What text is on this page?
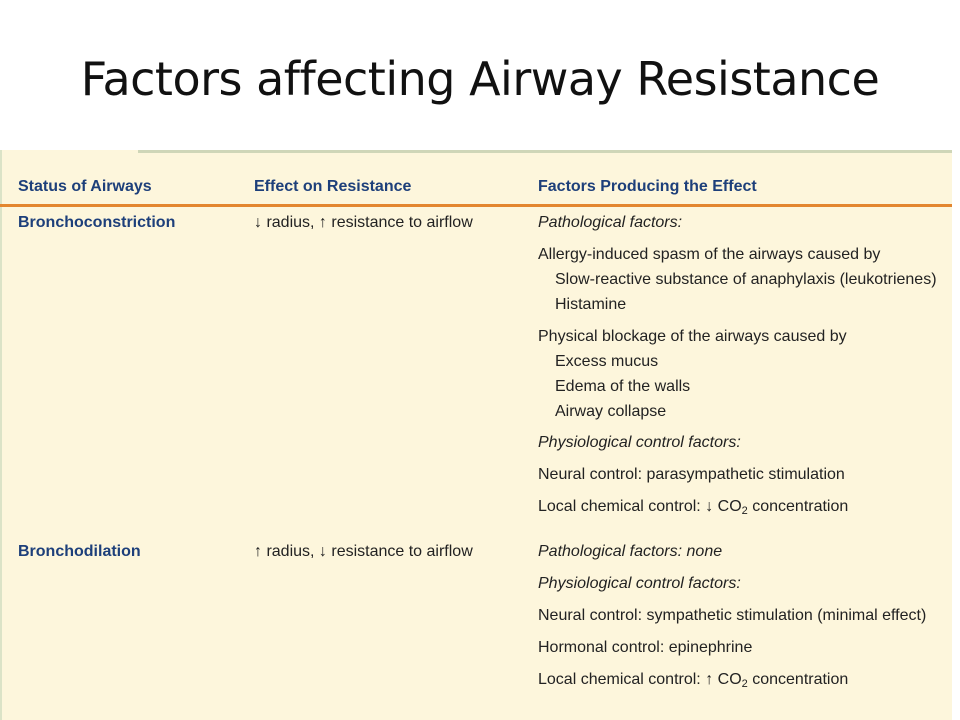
Factors affecting Airway Resistance
Status of Airways	Effect on Resistance	Factors Producing the Effect
Bronchoconstriction	↓ radius, ↑ resistance to airflow	Pathological factors:
Allergy-induced spasm of the airways caused by
Slow-reactive substance of anaphylaxis (leukotrienes)
Histamine
Physical blockage of the airways caused by
Excess mucus
Edema of the walls
Airway collapse
Physiological control factors:
Neural control: parasympathetic stimulation
Local chemical control: ↓ $CO_2$ concentration
Bronchodilation	↑ radius, ↓ resistance to airflow	Pathological factors: none
Physiological control factors:
Neural control: sympathetic stimulation (minimal effect)
Hormonal control: epinephrine
Local chemical control: ↑ $CO_2$ concentration
